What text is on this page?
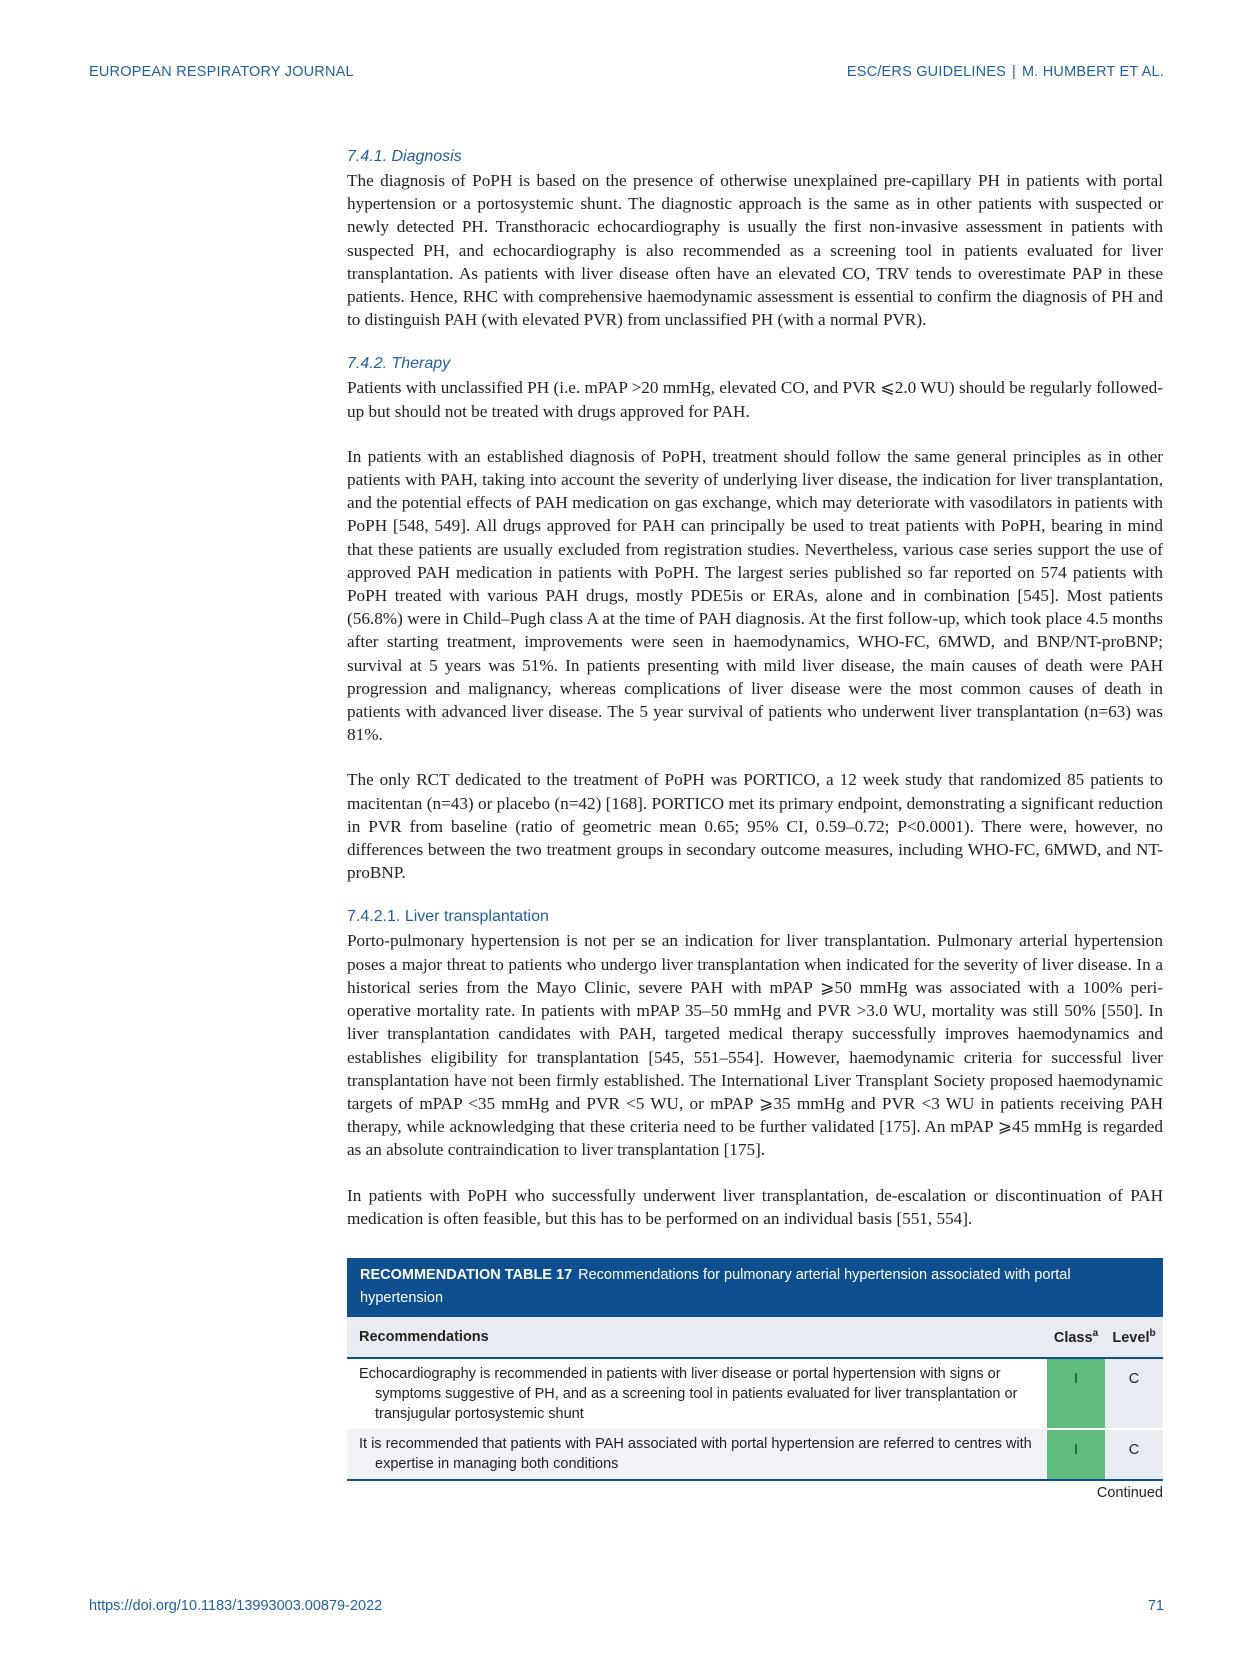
EUROPEAN RESPIRATORY JOURNAL	ESC/ERS GUIDELINES | M. HUMBERT ET AL.
7.4.1. Diagnosis

The diagnosis of PoPH is based on the presence of otherwise unexplained pre-capillary PH in patients with portal hypertension or a portosystemic shunt. The diagnostic approach is the same as in other patients with suspected or newly detected PH. Transthoracic echocardiography is usually the first non-invasive assessment in patients with suspected PH, and echocardiography is also recommended as a screening tool in patients evaluated for liver transplantation. As patients with liver disease often have an elevated CO, TRV tends to overestimate PAP in these patients. Hence, RHC with comprehensive haemodynamic assessment is essential to confirm the diagnosis of PH and to distinguish PAH (with elevated PVR) from unclassified PH (with a normal PVR).

7.4.2. Therapy

Patients with unclassified PH (i.e. mPAP >20 mmHg, elevated CO, and PVR ⩽2.0 WU) should be regularly followed-up but should not be treated with drugs approved for PAH.

In patients with an established diagnosis of PoPH, treatment should follow the same general principles as in other patients with PAH, taking into account the severity of underlying liver disease, the indication for liver transplantation, and the potential effects of PAH medication on gas exchange, which may deteriorate with vasodilators in patients with PoPH [548, 549]. All drugs approved for PAH can principally be used to treat patients with PoPH, bearing in mind that these patients are usually excluded from registration studies. Nevertheless, various case series support the use of approved PAH medication in patients with PoPH. The largest series published so far reported on 574 patients with PoPH treated with various PAH drugs, mostly PDE5is or ERAs, alone and in combination [545]. Most patients (56.8%) were in Child–Pugh class A at the time of PAH diagnosis. At the first follow-up, which took place 4.5 months after starting treatment, improvements were seen in haemodynamics, WHO-FC, 6MWD, and BNP/NT-proBNP; survival at 5 years was 51%. In patients presenting with mild liver disease, the main causes of death were PAH progression and malignancy, whereas complications of liver disease were the most common causes of death in patients with advanced liver disease. The 5 year survival of patients who underwent liver transplantation (n=63) was 81%.

The only RCT dedicated to the treatment of PoPH was PORTICO, a 12 week study that randomized 85 patients to macitentan (n=43) or placebo (n=42) [168]. PORTICO met its primary endpoint, demonstrating a significant reduction in PVR from baseline (ratio of geometric mean 0.65; 95% CI, 0.59–0.72; P<0.0001). There were, however, no differences between the two treatment groups in secondary outcome measures, including WHO-FC, 6MWD, and NT-proBNP.

7.4.2.1. Liver transplantation

Porto-pulmonary hypertension is not per se an indication for liver transplantation. Pulmonary arterial hypertension poses a major threat to patients who undergo liver transplantation when indicated for the severity of liver disease. In a historical series from the Mayo Clinic, severe PAH with mPAP ⩾50 mmHg was associated with a 100% peri-operative mortality rate. In patients with mPAP 35–50 mmHg and PVR >3.0 WU, mortality was still 50% [550]. In liver transplantation candidates with PAH, targeted medical therapy successfully improves haemodynamics and establishes eligibility for transplantation [545, 551–554]. However, haemodynamic criteria for successful liver transplantation have not been firmly established. The International Liver Transplant Society proposed haemodynamic targets of mPAP <35 mmHg and PVR <5 WU, or mPAP ⩾35 mmHg and PVR <3 WU in patients receiving PAH therapy, while acknowledging that these criteria need to be further validated [175]. An mPAP ⩾45 mmHg is regarded as an absolute contraindication to liver transplantation [175].

In patients with PoPH who successfully underwent liver transplantation, de-escalation or discontinuation of PAH medication is often feasible, but this has to be performed on an individual basis [551, 554].

RECOMMENDATION TABLE 17 Recommendations for pulmonary arterial hypertension associated with portal hypertension		
Recommendations	Class$^a$	Level$^b$

Echocardiography is recommended in patients with liver disease or portal hypertension with signs or symptoms suggestive of PH, and as a screening tool in patients evaluated for liver transplantation or transjugular portosystemic shunt	I	C

It is recommended that patients with PAH associated with portal hypertension are referred to centres with expertise in managing both conditions	I	C
Continued
https://doi.org/10.1183/13993003.00879-2022	71
